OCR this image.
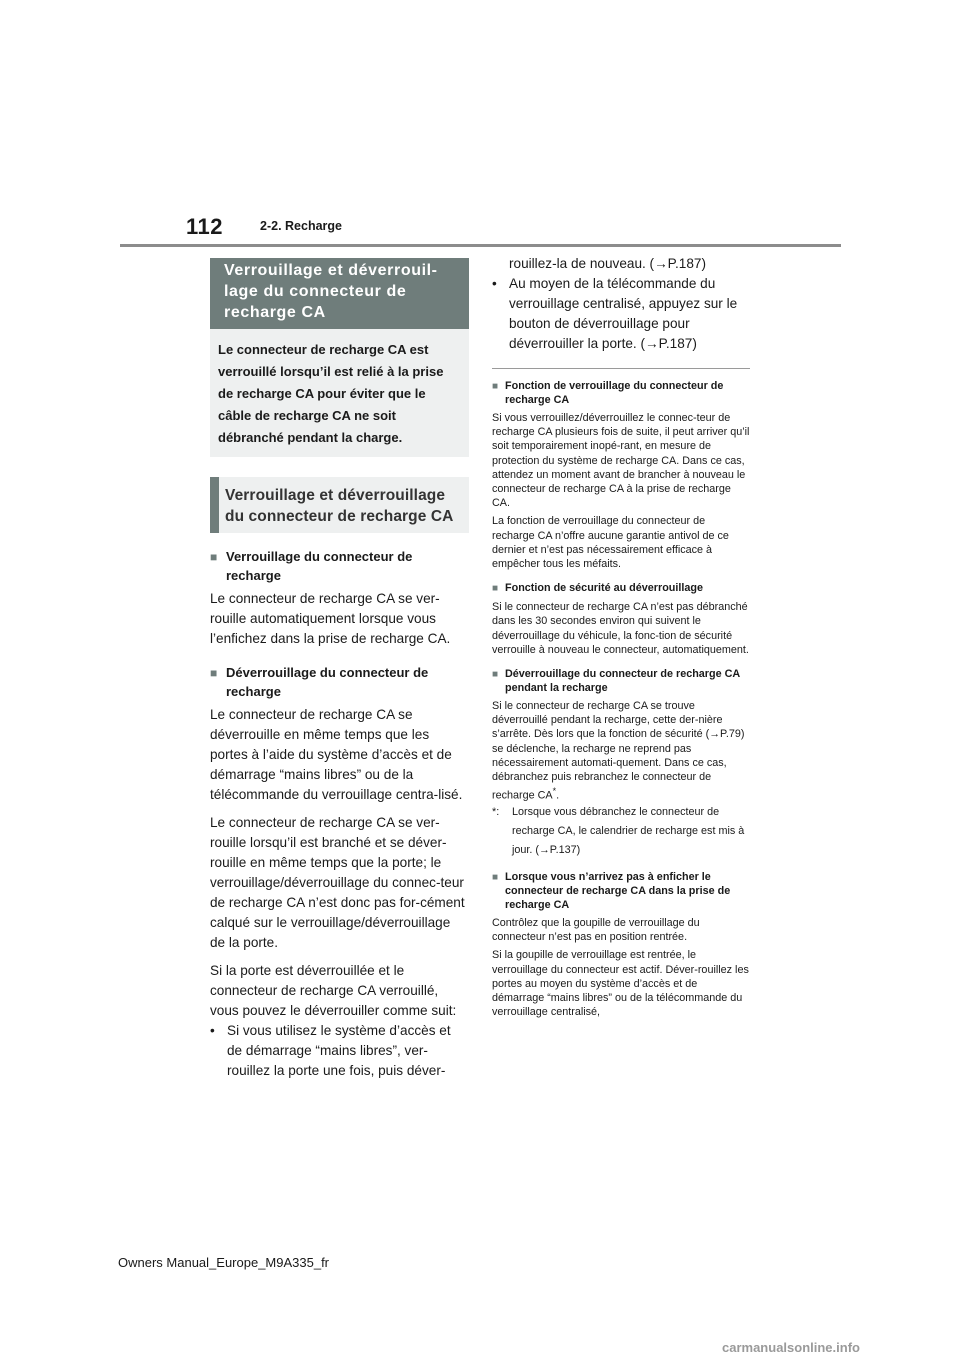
112	2-2. Recharge
Verrouillage et déverrouil-lage du connecteur de recharge CA
Le connecteur de recharge CA est verrouillé lorsqu’il est relié à la prise de recharge CA pour éviter que le câble de recharge CA ne soit débranché pendant la charge.
Verrouillage et déverrouillage du connecteur de recharge CA
■ Verrouillage du connecteur de recharge
Le connecteur de recharge CA se ver-rouille automatiquement lorsque vous l’enfichez dans la prise de recharge CA.
■ Déverrouillage du connecteur de recharge
Le connecteur de recharge CA se déverrouille en même temps que les portes à l’aide du système d’accès et de démarrage “mains libres” ou de la télécommande du verrouillage centra-lisé.
Le connecteur de recharge CA se ver-rouille lorsqu’il est branché et se déver-rouille en même temps que la porte; le verrouillage/déverrouillage du connec-teur de recharge CA n’est donc pas for-cément calqué sur le verrouillage/déverrouillage de la porte.
Si la porte est déverrouillée et le connecteur de recharge CA verrouillé, vous pouvez le déverrouiller comme suit:
• Si vous utilisez le système d’accès et de démarrage “mains libres”, ver-rouillez la porte une fois, puis déver-
rouillez-la de nouveau. (→P.187)
• Au moyen de la télécommande du verrouillage centralisé, appuyez sur le bouton de déverrouillage pour déverrouiller la porte. (→P.187)
■ Fonction de verrouillage du connecteur de recharge CA
Si vous verrouillez/déverrouillez le connec-teur de recharge CA plusieurs fois de suite, il peut arriver qu’il soit temporairement inopé-rant, en mesure de protection du système de recharge CA. Dans ce cas, attendez un moment avant de brancher à nouveau le connecteur de recharge CA à la prise de recharge CA.
La fonction de verrouillage du connecteur de recharge CA n’offre aucune garantie antivol de ce dernier et n’est pas nécessairement efficace à empêcher tous les méfaits.
■ Fonction de sécurité au déverrouillage
Si le connecteur de recharge CA n’est pas débranché dans les 30 secondes environ qui suivent le déverrouillage du véhicule, la fonc-tion de sécurité verrouille à nouveau le connecteur, automatiquement.
■ Déverrouillage du connecteur de recharge CA pendant la recharge
Si le connecteur de recharge CA se trouve déverrouillé pendant la recharge, cette der-nière s’arrête. Dès lors que la fonction de sécurité (→P.79) se déclenche, la recharge ne reprend pas nécessairement automati-quement. Dans ce cas, débranchez puis rebranchez le connecteur de recharge CA*.
*:	Lorsque vous débranchez le connecteur de recharge CA, le calendrier de recharge est mis à jour. (→P.137)
■ Lorsque vous n’arrivez pas à enficher le connecteur de recharge CA dans la prise de recharge CA
Contrôlez que la goupille de verrouillage du connecteur n’est pas en position rentrée.
Si la goupille de verrouillage est rentrée, le verrouillage du connecteur est actif. Déver-rouillez les portes au moyen du système d’accès et de démarrage “mains libres” ou de la télécommande du verrouillage centralisé,
Owners Manual_Europe_M9A335_fr
carmanualsonline.info
